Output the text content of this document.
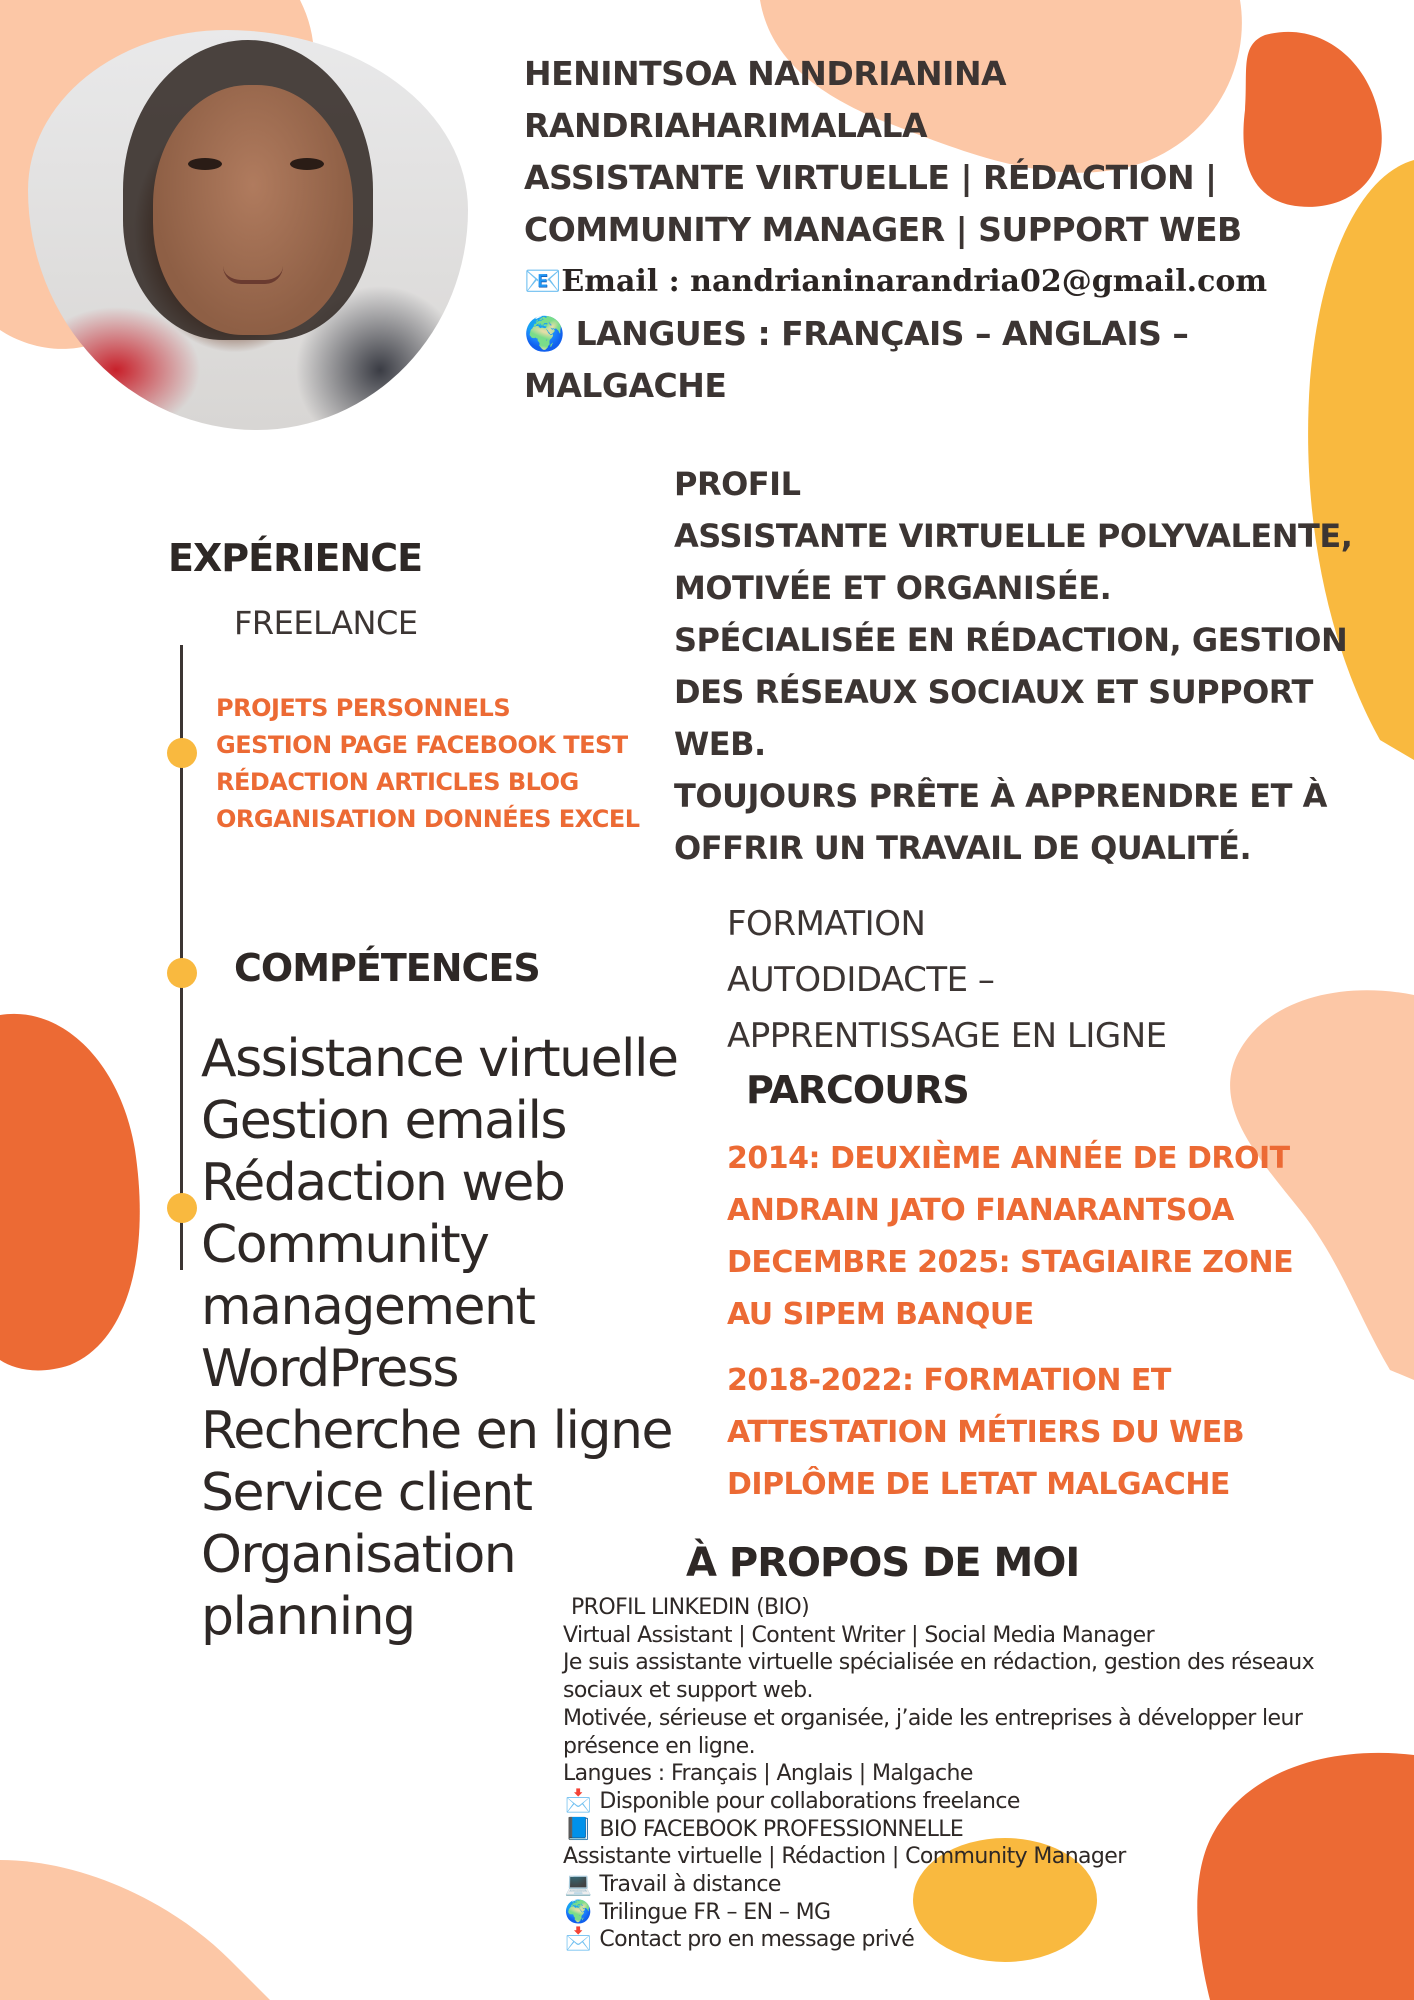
HENINTSOA NANDRIANINA
RANDRIAHARIMALALA
ASSISTANTE VIRTUELLE | RÉDACTION |
COMMUNITY MANAGER | SUPPORT WEB
📧Email : nandrianinarandria02@gmail.com
🌍 LANGUES : FRANÇAIS – ANGLAIS –
MALGACHE
PROFIL
ASSISTANTE VIRTUELLE POLYVALENTE,
MOTIVÉE ET ORGANISÉE.
SPÉCIALISÉE EN RÉDACTION, GESTION
DES RÉSEAUX SOCIAUX ET SUPPORT
WEB.
TOUJOURS PRÊTE À APPRENDRE ET À
OFFRIR UN TRAVAIL DE QUALITÉ.
EXPÉRIENCE
FREELANCE
PROJETS PERSONNELS
GESTION PAGE FACEBOOK TEST
RÉDACTION ARTICLES BLOG
ORGANISATION DONNÉES EXCEL
COMPÉTENCES
Assistance virtuelle
Gestion emails
Rédaction web
Community
management
WordPress
Recherche en ligne
Service client
Organisation
planning
FORMATION
AUTODIDACTE –
APPRENTISSAGE EN LIGNE
PARCOURS
2014: DEUXIÈME ANNÉE DE DROIT
ANDRAIN JATO FIANARANTSOA
DECEMBRE 2025: STAGIAIRE ZONE
AU SIPEM BANQUE
2018-2022: FORMATION ET
ATTESTATION MÉTIERS DU WEB
DIPLÔME DE LETAT MALGACHE
À PROPOS DE MOI
PROFIL LINKEDIN (BIO)
Virtual Assistant | Content Writer | Social Media Manager
Je suis assistante virtuelle spécialisée en rédaction, gestion des réseaux
sociaux et support web.
Motivée, sérieuse et organisée, j’aide les entreprises à développer leur
présence en ligne.
Langues : Français | Anglais | Malgache
📩 Disponible pour collaborations freelance
📘 BIO FACEBOOK PROFESSIONNELLE
Assistante virtuelle | Rédaction | Community Manager
💻 Travail à distance
🌍 Trilingue FR – EN – MG
📩 Contact pro en message privé
